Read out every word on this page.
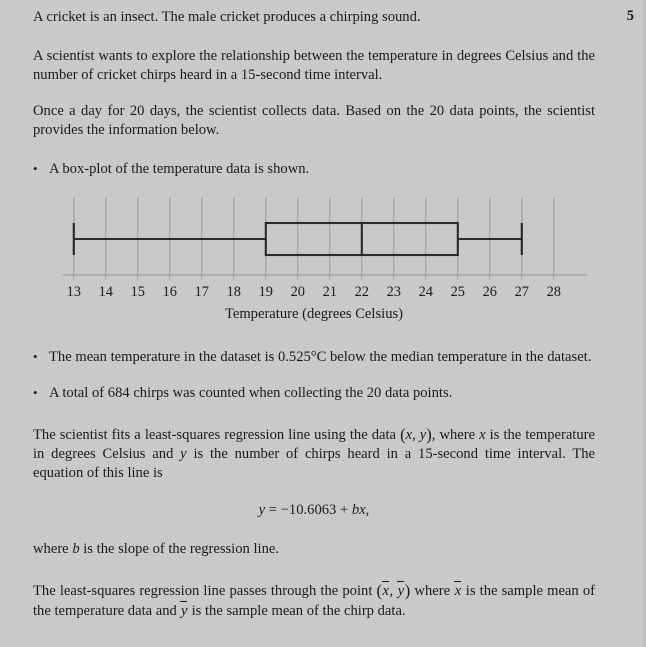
5

A cricket is an insect. The male cricket produces a chirping sound.

A scientist wants to explore the relationship between the temperature in degrees Celsius and the number of cricket chirps heard in a 15-second time interval.

Once a day for 20 days, the scientist collects data. Based on the 20 data points, the scientist provides the information below.

• A box-plot of the temperature data is shown.
13 14 15 16 17 18 19 20 21 22 23 24 25 26 27 28
Temperature (degrees Celsius)
• The mean temperature in the dataset is 0.525°C below the median temperature in the dataset.
• A total of 684 chirps was counted when collecting the 20 data points.

The scientist fits a least-squares regression line using the data (x, y), where x is the temperature in degrees Celsius and y is the number of chirps heard in a 15-second time interval. The equation of this line is

y = −10.6063 + bx,

where b is the slope of the regression line.

The least-squares regression line passes through the point (x, y) where x is the sample mean of the temperature data and y is the sample mean of the chirp data.
